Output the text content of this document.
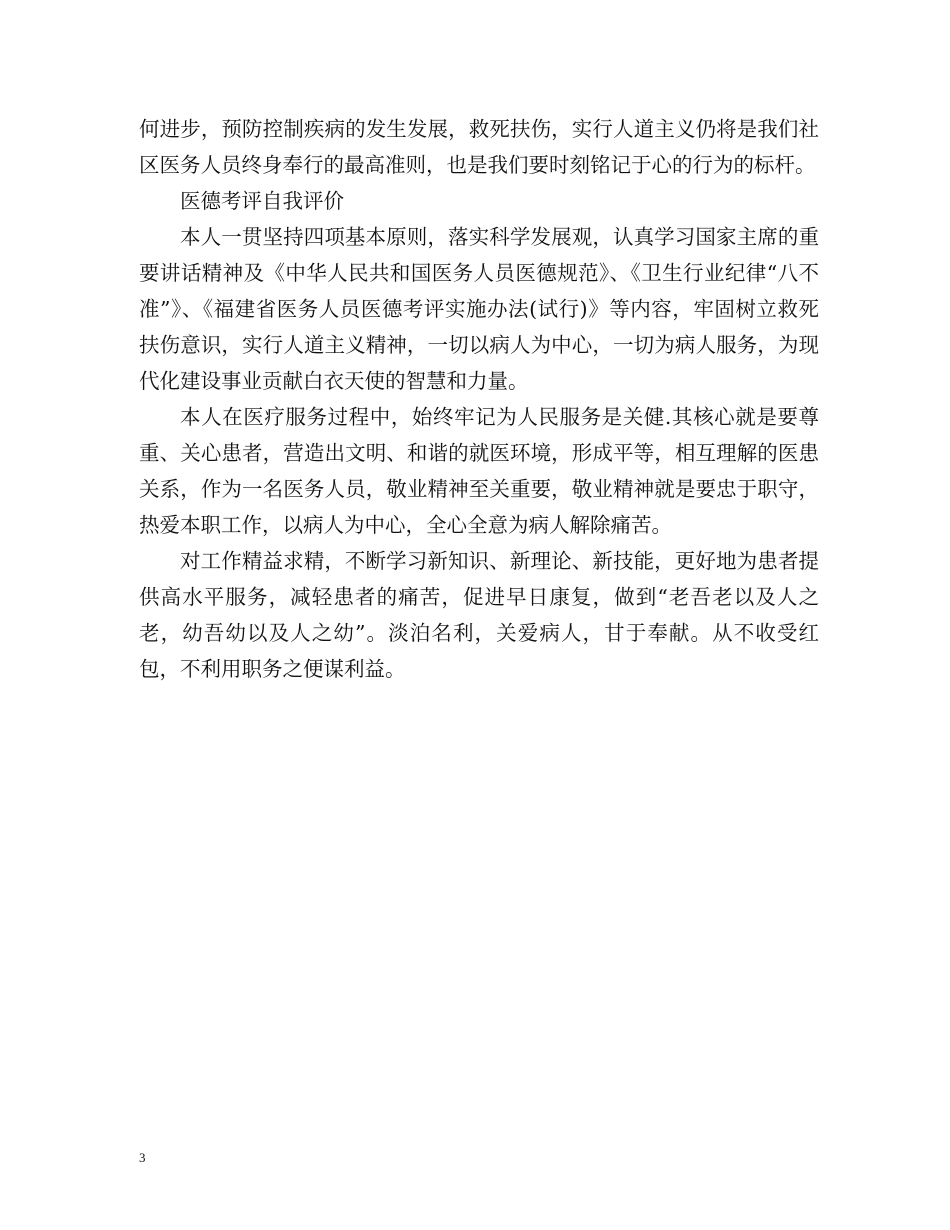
何进步，预防控制疾病的发生发展，救死扶伤，实行人道主义仍将是我们社区医务人员终身奉行的最高准则，也是我们要时刻铭记于心的行为的标杆。

医德考评自我评价

本人一贯坚持四项基本原则，落实科学发展观，认真学习国家主席的重要讲话精神及《中华人民共和国医务人员医德规范》、《卫生行业纪律“八不准”》、《福建省医务人员医德考评实施办法(试行)》等内容，牢固树立救死扶伤意识，实行人道主义精神，一切以病人为中心，一切为病人服务，为现代化建设事业贡献白衣天使的智慧和力量。

本人在医疗服务过程中，始终牢记为人民服务是关健.其核心就是要尊重、关心患者，营造出文明、和谐的就医环境，形成平等，相互理解的医患关系，作为一名医务人员，敬业精神至关重要，敬业精神就是要忠于职守，热爱本职工作，以病人为中心，全心全意为病人解除痛苦。

对工作精益求精，不断学习新知识、新理论、新技能，更好地为患者提供高水平服务，减轻患者的痛苦，促进早日康复，做到“老吾老以及人之老，幼吾幼以及人之幼”。淡泊名利，关爱病人，甘于奉献。从不收受红包，不利用职务之便谋利益。

3
